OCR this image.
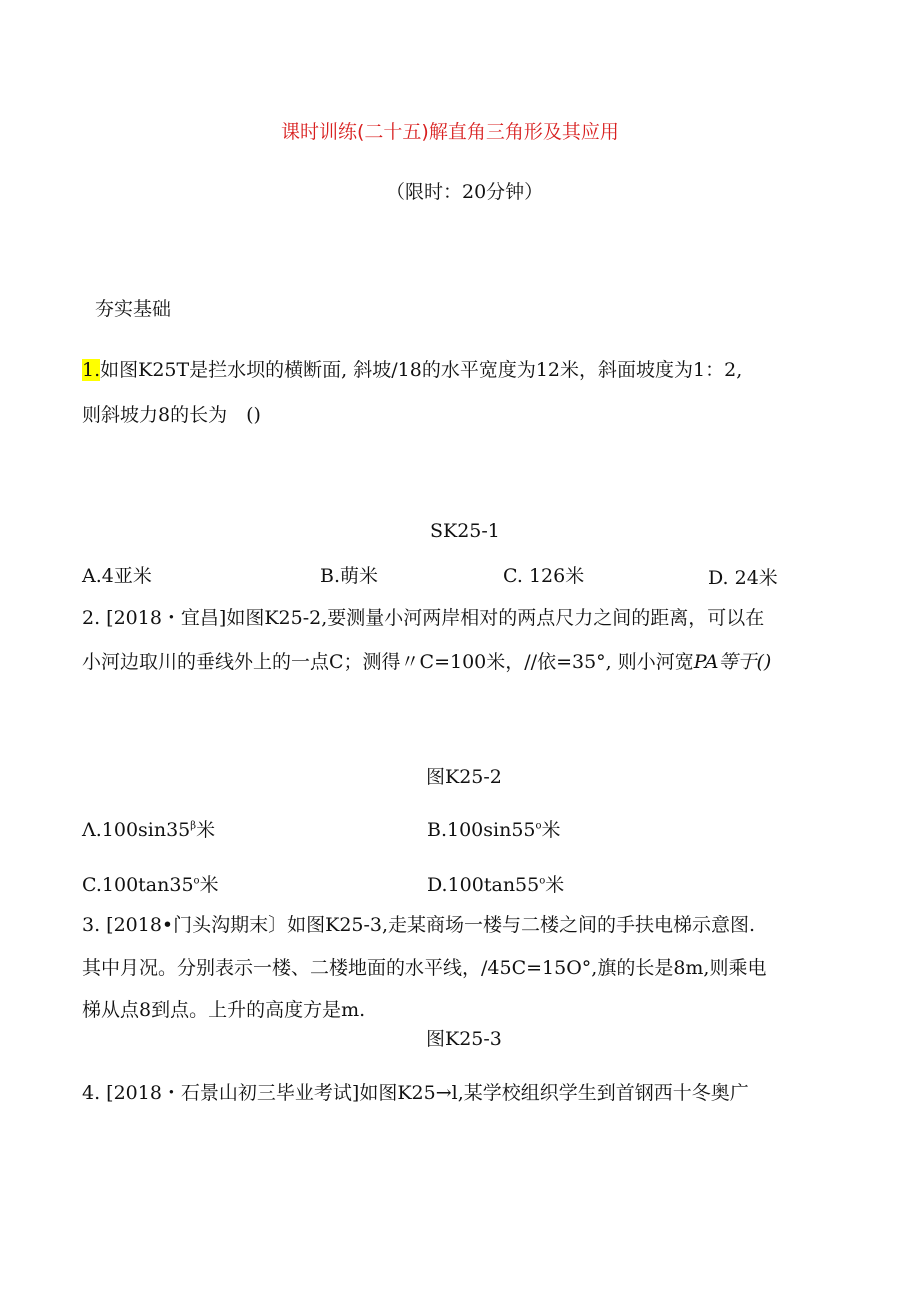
课时训练(二十五)解直角三角形及其应用
（限时：20分钟）
夯实基础
1.如图K25T是拦水坝的横断面, 斜坡/18的水平宽度为12米，斜面坡度为1：2,
则斜坡力8的长为　()
SK25-1
A.4亚米	B.萌米	C. 126米	D. 24米
2. [2018・宜昌]如图K25-2,要测量小河两岸相对的两点尺力之间的距离，可以在
小河边取川的垂线外上的一点C；测得〃C=100米，//依=35°, 则小河宽PA等于()
图K25-2
$\Lambda.100\sin 35^\beta$米	B.100sin55$^o$米
C.100tan35$^o$米	D.100tan55$^o$米
3. [2018•门头沟期末〕如图K25-3,走某商场一楼与二楼之间的手扶电梯示意图.
其中月况。分别表示一楼、二楼地面的水平线，/45C=15O°,旗的长是8m,则乘电
梯从点8到点。上升的高度方是m.
图K25-3
4. [2018・石景山初三毕业考试]如图K25→l,某学校组织学生到首钢西十冬奥广
